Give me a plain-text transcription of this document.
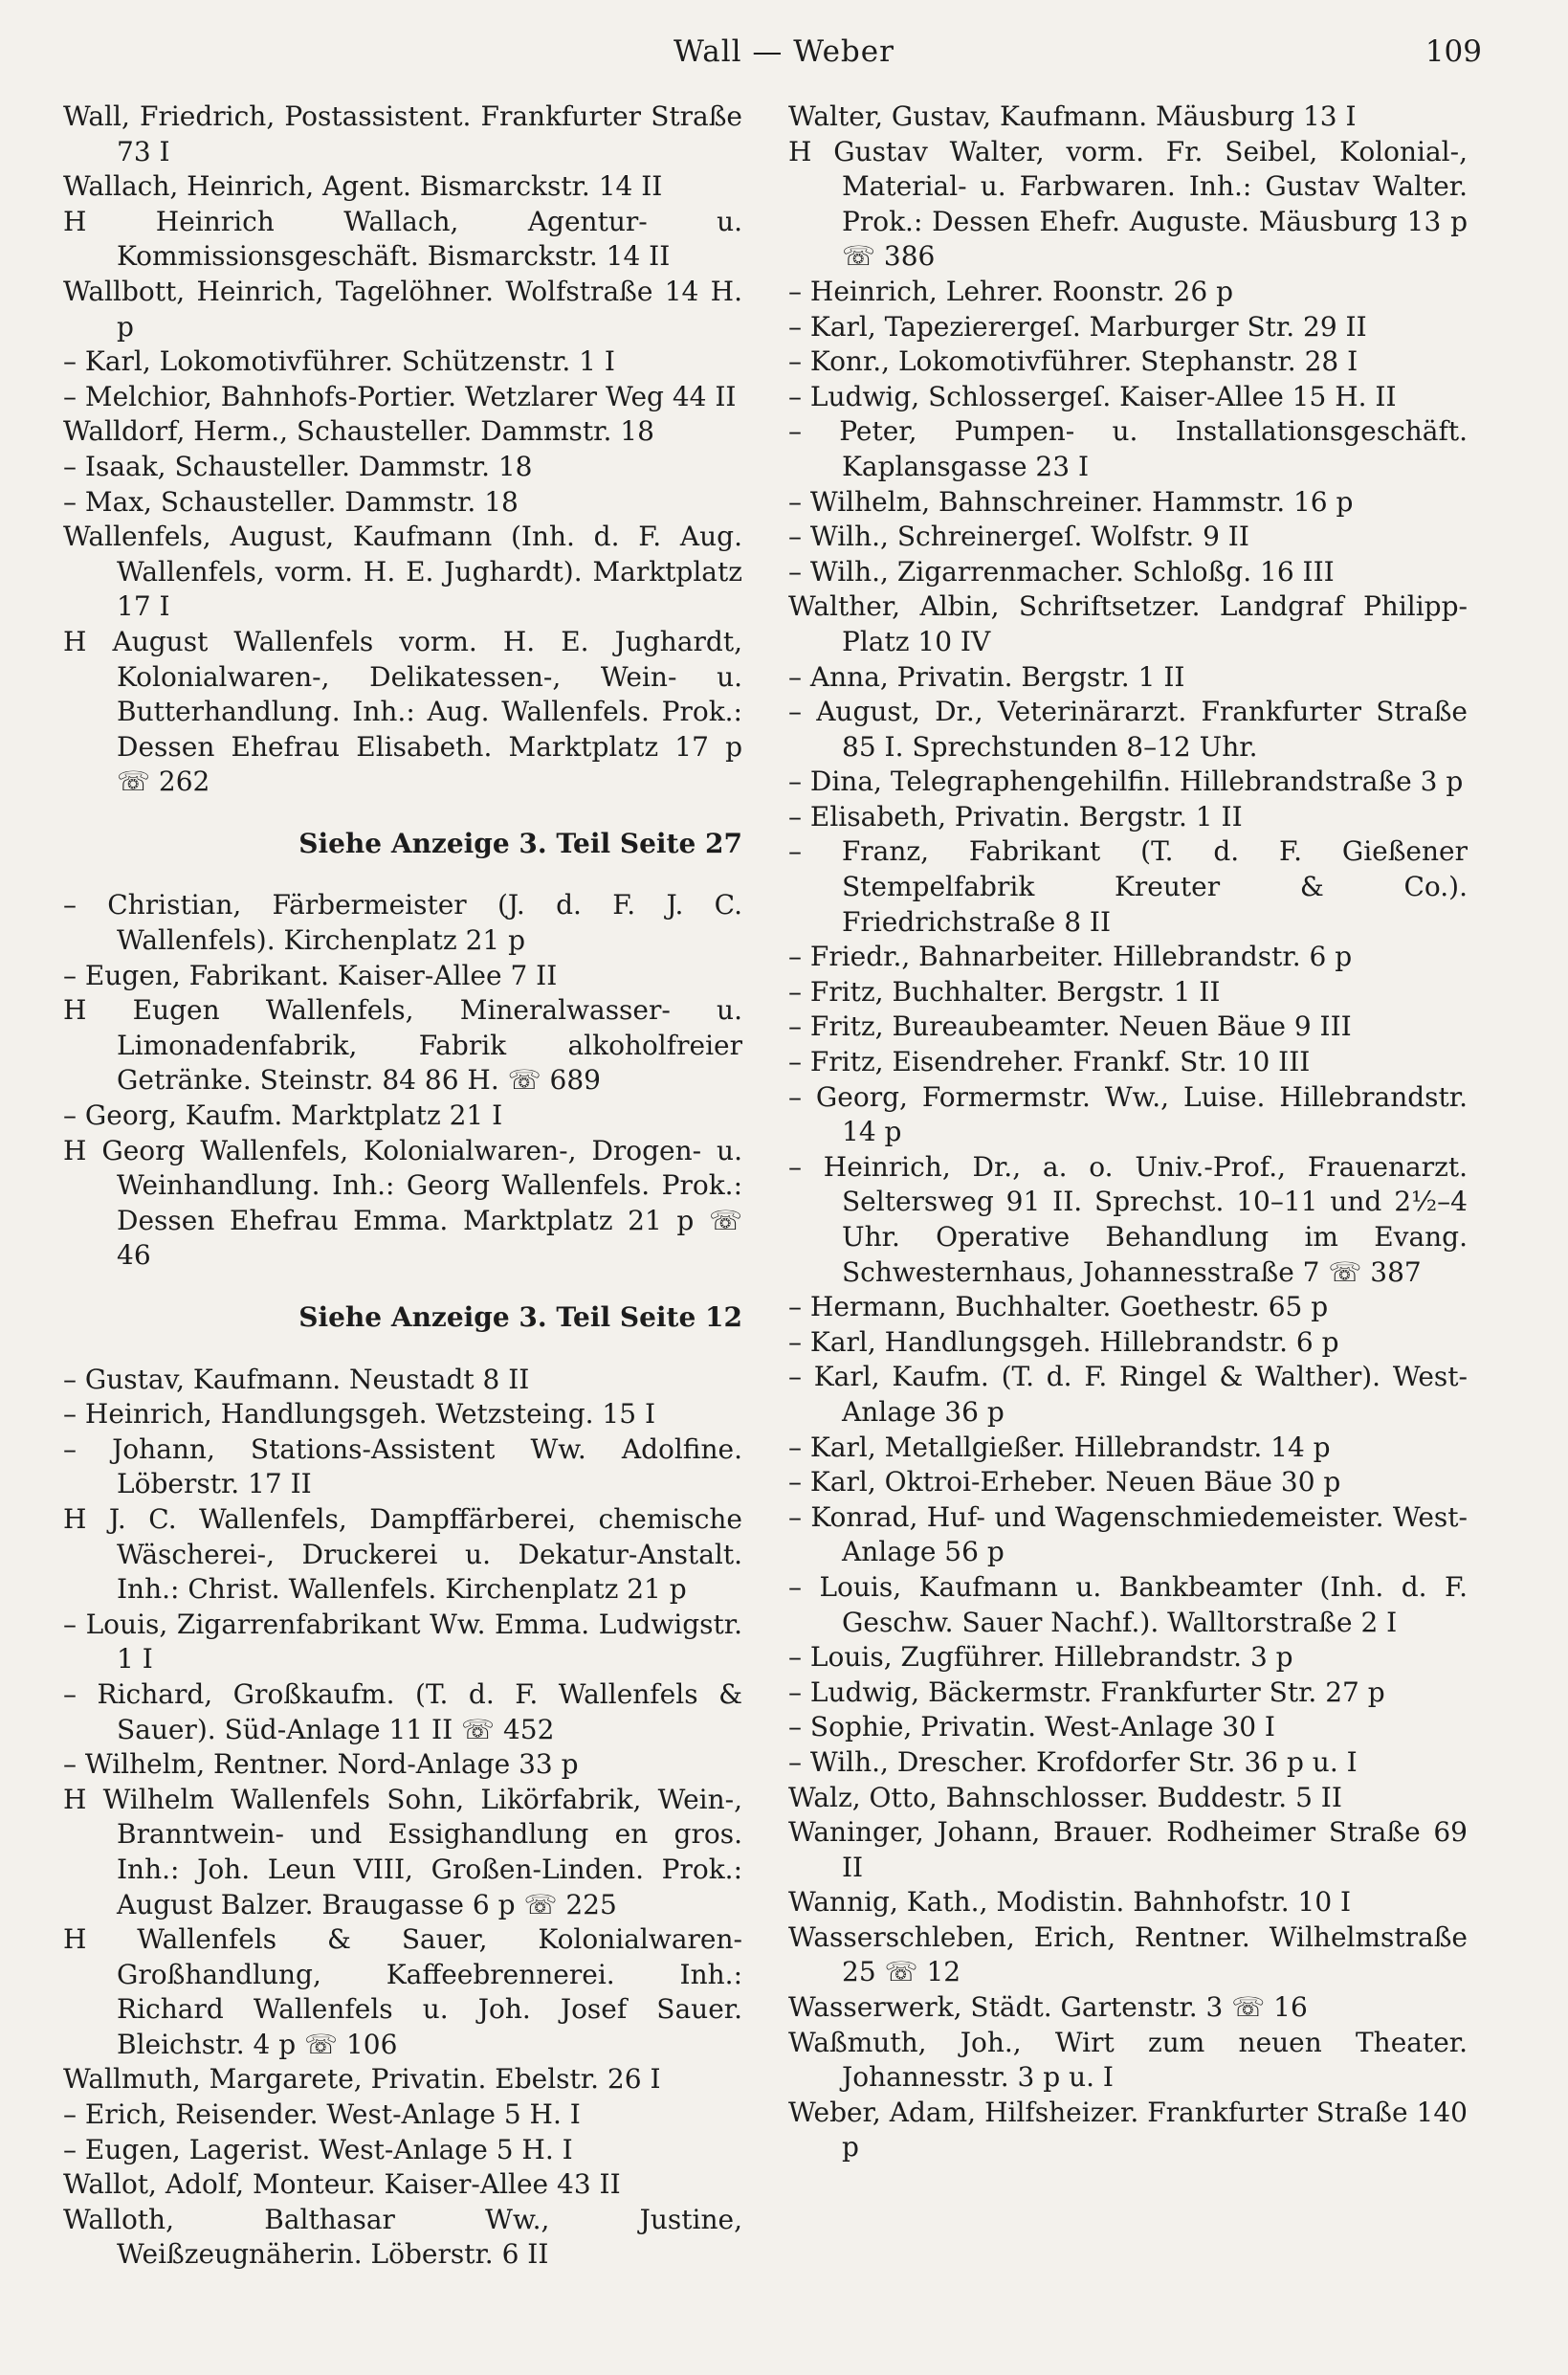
Wall — Weber	109

Wall, Friedrich, Postassistent. Frankfurter Straße 73 I

Wallach, Heinrich, Agent. Bismarckstr. 14 II

H Heinrich Wallach, Agentur- u. Kommissionsgeschäft. Bismarckstr. 14 II

Wallbott, Heinrich, Tagelöhner. Wolfstraße 14 H. p

– Karl, Lokomotivführer. Schützenstr. 1 I

– Melchior, Bahnhofs-Portier. Wetzlarer Weg 44 II

Walldorf, Herm., Schausteller. Dammstr. 18

– Isaak, Schausteller. Dammstr. 18

– Max, Schausteller. Dammstr. 18

Wallenfels, August, Kaufmann (Inh. d. F. Aug. Wallenfels, vorm. H. E. Jughardt). Marktplatz 17 I

H August Wallenfels vorm. H. E. Jughardt, Kolonialwaren-, Delikatessen-, Wein- u. Butterhandlung. Inh.: Aug. Wallenfels. Prok.: Dessen Ehefrau Elisabeth. Marktplatz 17 p ☏ 262

Siehe Anzeige 3. Teil Seite 27

– Christian, Färbermeister (J. d. F. J. C. Wallenfels). Kirchenplatz 21 p

– Eugen, Fabrikant. Kaiser-Allee 7 II

H Eugen Wallenfels, Mineralwasser- u. Limonadenfabrik, Fabrik alkoholfreier Getränke. Steinstr. 84 86 H. ☏ 689

– Georg, Kaufm. Marktplatz 21 I

H Georg Wallenfels, Kolonialwaren-, Drogen- u. Weinhandlung. Inh.: Georg Wallenfels. Prok.: Dessen Ehefrau Emma. Marktplatz 21 p ☏ 46

Siehe Anzeige 3. Teil Seite 12

– Gustav, Kaufmann. Neustadt 8 II

– Heinrich, Handlungsgeh. Wetzsteing. 15 I

– Johann, Stations-Assistent Ww. Adolfine. Löberstr. 17 II

H J. C. Wallenfels, Dampffärberei, chemische Wäscherei-, Druckerei u. Dekatur-Anstalt. Inh.: Christ. Wallenfels. Kirchenplatz 21 p

– Louis, Zigarrenfabrikant Ww. Emma. Ludwigstr. 1 I

– Richard, Großkaufm. (T. d. F. Wallenfels & Sauer). Süd-Anlage 11 II ☏ 452

– Wilhelm, Rentner. Nord-Anlage 33 p

H Wilhelm Wallenfels Sohn, Likörfabrik, Wein-, Branntwein- und Essighandlung en gros. Inh.: Joh. Leun VIII, Großen-Linden. Prok.: August Balzer. Braugasse 6 p ☏ 225

H Wallenfels & Sauer, Kolonialwaren-Großhandlung, Kaffeebrennerei. Inh.: Richard Wallenfels u. Joh. Josef Sauer. Bleichstr. 4 p ☏ 106

Wallmuth, Margarete, Privatin. Ebelstr. 26 I

– Erich, Reisender. West-Anlage 5 H. I

– Eugen, Lagerist. West-Anlage 5 H. I

Wallot, Adolf, Monteur. Kaiser-Allee 43 II

Walloth, Balthasar Ww., Justine, Weißzeugnäherin. Löberstr. 6 II

Walter, Gustav, Kaufmann. Mäusburg 13 I

H Gustav Walter, vorm. Fr. Seibel, Kolonial-, Material- u. Farbwaren. Inh.: Gustav Walter. Prok.: Dessen Ehefr. Auguste. Mäusburg 13 p ☏ 386

– Heinrich, Lehrer. Roonstr. 26 p

– Karl, Tapezierergeſ. Marburger Str. 29 II

– Konr., Lokomotivführer. Stephanstr. 28 I

– Ludwig, Schlossergeſ. Kaiser-Allee 15 H. II

– Peter, Pumpen- u. Installationsgeschäft. Kaplansgasse 23 I

– Wilhelm, Bahnschreiner. Hammstr. 16 p

– Wilh., Schreinergeſ. Wolfstr. 9 II

– Wilh., Zigarrenmacher. Schloßg. 16 III

Walther, Albin, Schriftsetzer. Landgraf Philipp-Platz 10 IV

– Anna, Privatin. Bergstr. 1 II

– August, Dr., Veterinärarzt. Frankfurter Straße 85 I. Sprechstunden 8–12 Uhr.

– Dina, Telegraphengehilfin. Hillebrandstraße 3 p

– Elisabeth, Privatin. Bergstr. 1 II

– Franz, Fabrikant (T. d. F. Gießener Stempelfabrik Kreuter & Co.). Friedrichstraße 8 II

– Friedr., Bahnarbeiter. Hillebrandstr. 6 p

– Fritz, Buchhalter. Bergstr. 1 II

– Fritz, Bureaubeamter. Neuen Bäue 9 III

– Fritz, Eisendreher. Frankf. Str. 10 III

– Georg, Formermstr. Ww., Luise. Hillebrandstr. 14 p

– Heinrich, Dr., a. o. Univ.-Prof., Frauenarzt. Seltersweg 91 II. Sprechst. 10–11 und 2½–4 Uhr. Operative Behandlung im Evang. Schwesternhaus, Johannesstraße 7 ☏ 387

– Hermann, Buchhalter. Goethestr. 65 p

– Karl, Handlungsgeh. Hillebrandstr. 6 p

– Karl, Kaufm. (T. d. F. Ringel & Walther). West-Anlage 36 p

– Karl, Metallgießer. Hillebrandstr. 14 p

– Karl, Oktroi-Erheber. Neuen Bäue 30 p

– Konrad, Huf- und Wagenschmiedemeister. West-Anlage 56 p

– Louis, Kaufmann u. Bankbeamter (Inh. d. F. Geschw. Sauer Nachf.). Walltorstraße 2 I

– Louis, Zugführer. Hillebrandstr. 3 p

– Ludwig, Bäckermstr. Frankfurter Str. 27 p

– Sophie, Privatin. West-Anlage 30 I

– Wilh., Drescher. Krofdorfer Str. 36 p u. I

Walz, Otto, Bahnschlosser. Buddestr. 5 II

Waninger, Johann, Brauer. Rodheimer Straße 69 II

Wannig, Kath., Modistin. Bahnhofstr. 10 I

Wasserschleben, Erich, Rentner. Wilhelmstraße 25 ☏ 12

Wasserwerk, Städt. Gartenstr. 3 ☏ 16

Waßmuth, Joh., Wirt zum neuen Theater. Johannesstr. 3 p u. I

Weber, Adam, Hilfsheizer. Frankfurter Straße 140 p
